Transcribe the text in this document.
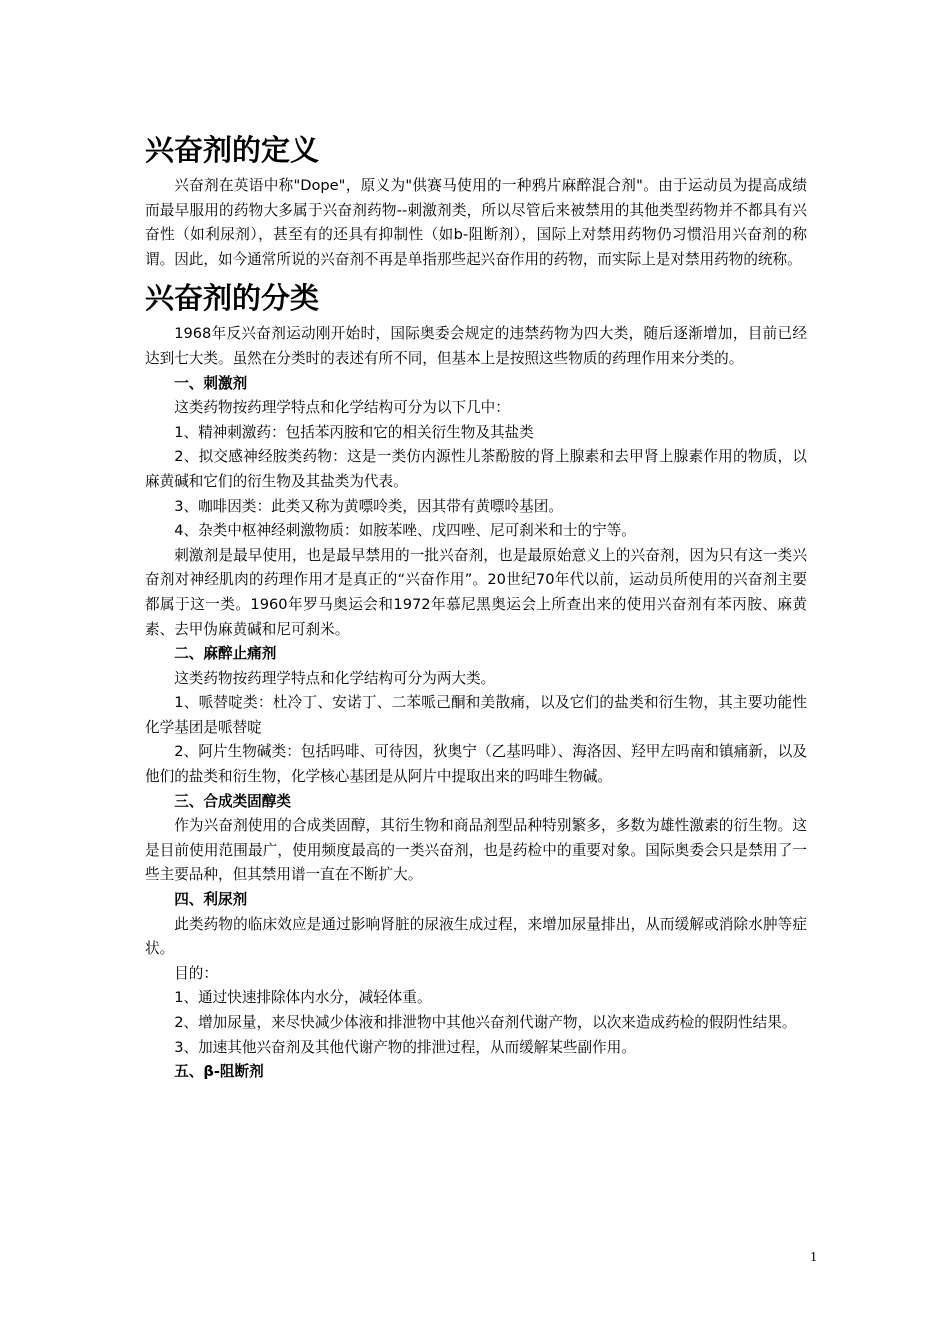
兴奋剂的定义

兴奋剂在英语中称"Dope"，原义为"供赛马使用的一种鸦片麻醉混合剂"。由于运动员为提高成绩而最早服用的药物大多属于兴奋剂药物--刺激剂类，所以尽管后来被禁用的其他类型药物并不都具有兴奋性（如利尿剂），甚至有的还具有抑制性（如b-阻断剂），国际上对禁用药物仍习惯沿用兴奋剂的称谓。因此，如今通常所说的兴奋剂不再是单指那些起兴奋作用的药物，而实际上是对禁用药物的统称。

兴奋剂的分类

1968年反兴奋剂运动刚开始时，国际奥委会规定的违禁药物为四大类，随后逐渐增加，目前已经达到七大类。虽然在分类时的表述有所不同，但基本上是按照这些物质的药理作用来分类的。

一、刺激剂

这类药物按药理学特点和化学结构可分为以下几中：

1、精神刺激药：包括苯丙胺和它的相关衍生物及其盐类

2、拟交感神经胺类药物：这是一类仿内源性儿茶酚胺的肾上腺素和去甲肾上腺素作用的物质，以麻黄碱和它们的衍生物及其盐类为代表。

3、咖啡因类：此类又称为黄嘌呤类，因其带有黄嘌呤基团。

4、杂类中枢神经刺激物质：如胺苯唑、戊四唑、尼可刹米和士的宁等。

刺激剂是最早使用，也是最早禁用的一批兴奋剂，也是最原始意义上的兴奋剂，因为只有这一类兴奋剂对神经肌肉的药理作用才是真正的“兴奋作用”。20世纪70年代以前，运动员所使用的兴奋剂主要都属于这一类。1960年罗马奥运会和1972年慕尼黑奥运会上所查出来的使用兴奋剂有苯丙胺、麻黄素、去甲伪麻黄碱和尼可刹米。

二、麻醉止痛剂

这类药物按药理学特点和化学结构可分为两大类。

1、哌替啶类：杜冷丁、安诺丁、二苯哌己酮和美散痛，以及它们的盐类和衍生物，其主要功能性化学基团是哌替啶

2、阿片生物碱类：包括吗啡、可待因，狄奥宁（乙基吗啡）、海洛因、羟甲左吗南和镇痛新，以及他们的盐类和衍生物，化学核心基团是从阿片中提取出来的吗啡生物碱。

三、合成类固醇类

作为兴奋剂使用的合成类固醇，其衍生物和商品剂型品种特别繁多，多数为雄性激素的衍生物。这是目前使用范围最广，使用频度最高的一类兴奋剂，也是药检中的重要对象。国际奥委会只是禁用了一些主要品种，但其禁用谱一直在不断扩大。

四、利尿剂

此类药物的临床效应是通过影响肾脏的尿液生成过程，来增加尿量排出，从而缓解或消除水肿等症状。

目的：

1、通过快速排除体内水分，减轻体重。

2、增加尿量，来尽快减少体液和排泄物中其他兴奋剂代谢产物，以次来造成药检的假阴性结果。

3、加速其他兴奋剂及其他代谢产物的排泄过程，从而缓解某些副作用。

五、β-阻断剂

1
